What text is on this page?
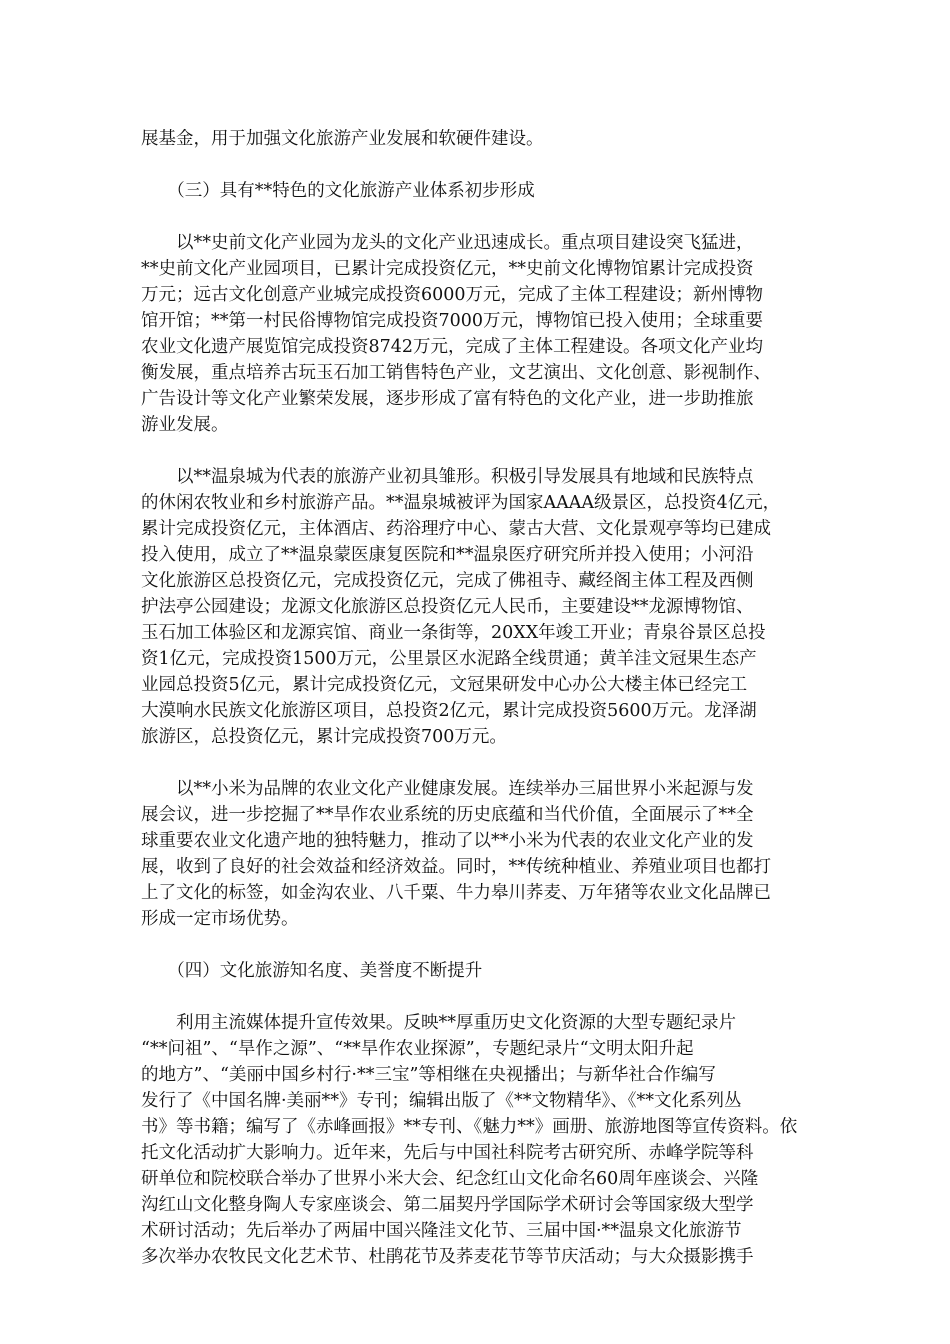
展基金，用于加强文化旅游产业发展和软硬件建设。
　　（三）具有**特色的文化旅游产业体系初步形成
　　以**史前文化产业园为龙头的文化产业迅速成长。重点项目建设突飞猛进，
**史前文化产业园项目，已累计完成投资亿元，**史前文化博物馆累计完成投资
万元；远古文化创意产业城完成投资6000万元，完成了主体工程建设；新州博物
馆开馆；**第一村民俗博物馆完成投资7000万元，博物馆已投入使用；全球重要
农业文化遗产展览馆完成投资8742万元，完成了主体工程建设。各项文化产业均
衡发展，重点培养古玩玉石加工销售特色产业，文艺演出、文化创意、影视制作、
广告设计等文化产业繁荣发展，逐步形成了富有特色的文化产业，进一步助推旅
游业发展。
　　以**温泉城为代表的旅游产业初具雏形。积极引导发展具有地域和民族特点
的休闲农牧业和乡村旅游产品。**温泉城被评为国家AAAA级景区，总投资4亿元，
累计完成投资亿元，主体酒店、药浴理疗中心、蒙古大营、文化景观亭等均已建成
投入使用，成立了**温泉蒙医康复医院和**温泉医疗研究所并投入使用；小河沿
文化旅游区总投资亿元，完成投资亿元，完成了佛祖寺、藏经阁主体工程及西侧
护法亭公园建设；龙源文化旅游区总投资亿元人民币，主要建设**龙源博物馆、
玉石加工体验区和龙源宾馆、商业一条街等，20XX年竣工开业；青泉谷景区总投
资1亿元，完成投资1500万元，公里景区水泥路全线贯通；黄羊洼文冠果生态产
业园总投资5亿元，累计完成投资亿元，文冠果研发中心办公大楼主体已经完工
大漠响水民族文化旅游区项目，总投资2亿元，累计完成投资5600万元。龙泽湖
旅游区，总投资亿元，累计完成投资700万元。
　　以**小米为品牌的农业文化产业健康发展。连续举办三届世界小米起源与发
展会议，进一步挖掘了**旱作农业系统的历史底蕴和当代价值，全面展示了**全
球重要农业文化遗产地的独特魅力，推动了以**小米为代表的农业文化产业的发
展，收到了良好的社会效益和经济效益。同时，**传统种植业、养殖业项目也都打
上了文化的标签，如金沟农业、八千粟、牛力皋川荞麦、万年猪等农业文化品牌已
形成一定市场优势。
　　（四）文化旅游知名度、美誉度不断提升
　　利用主流媒体提升宣传效果。反映**厚重历史文化资源的大型专题纪录片
“**问祖”、“旱作之源”、“**旱作农业探源”，专题纪录片“文明太阳升起
的地方”、“美丽中国乡村行·**三宝”等相继在央视播出；与新华社合作编写
发行了《中国名牌·美丽**》专刊；编辑出版了《**文物精华》、《**文化系列丛
书》等书籍；编写了《赤峰画报》**专刊、《魅力**》画册、旅游地图等宣传资料。依
托文化活动扩大影响力。近年来，先后与中国社科院考古研究所、赤峰学院等科
研单位和院校联合举办了世界小米大会、纪念红山文化命名60周年座谈会、兴隆
沟红山文化整身陶人专家座谈会、第二届契丹学国际学术研讨会等国家级大型学
术研讨活动；先后举办了两届中国兴隆洼文化节、三届中国·**温泉文化旅游节
多次举办农牧民文化艺术节、杜鹃花节及荞麦花节等节庆活动；与大众摄影携手
